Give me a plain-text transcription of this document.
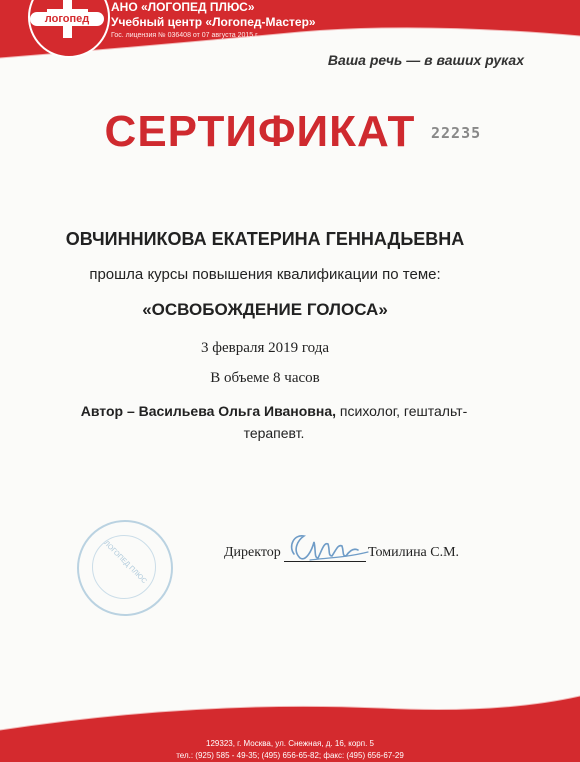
логопед
АНО «ЛОГОПЕД ПЛЮС»
Учебный центр «Логопед-Мастер»
Гос. лицензия № 036408 от 07 августа 2015 г.
Ваша речь — в ваших руках
СЕРТИФИКАТ	22235
ОВЧИННИКОВА ЕКАТЕРИНА ГЕННАДЬЕВНА
прошла курсы повышения квалификации по теме:
«ОСВОБОЖДЕНИЕ ГОЛОСА»
3 февраля 2019 года
В объеме 8 часов
Автор – Васильева Ольга Ивановна, психолог, гештальт-терапевт.
ЛОГОПЕД ПЛЮС	Директор	Томилина С.М.
129323, г. Москва, ул. Снежная, д. 16, корп. 5
тел.: (925) 585 - 49-35; (495) 656-65-82; факс: (495) 656-67-29
